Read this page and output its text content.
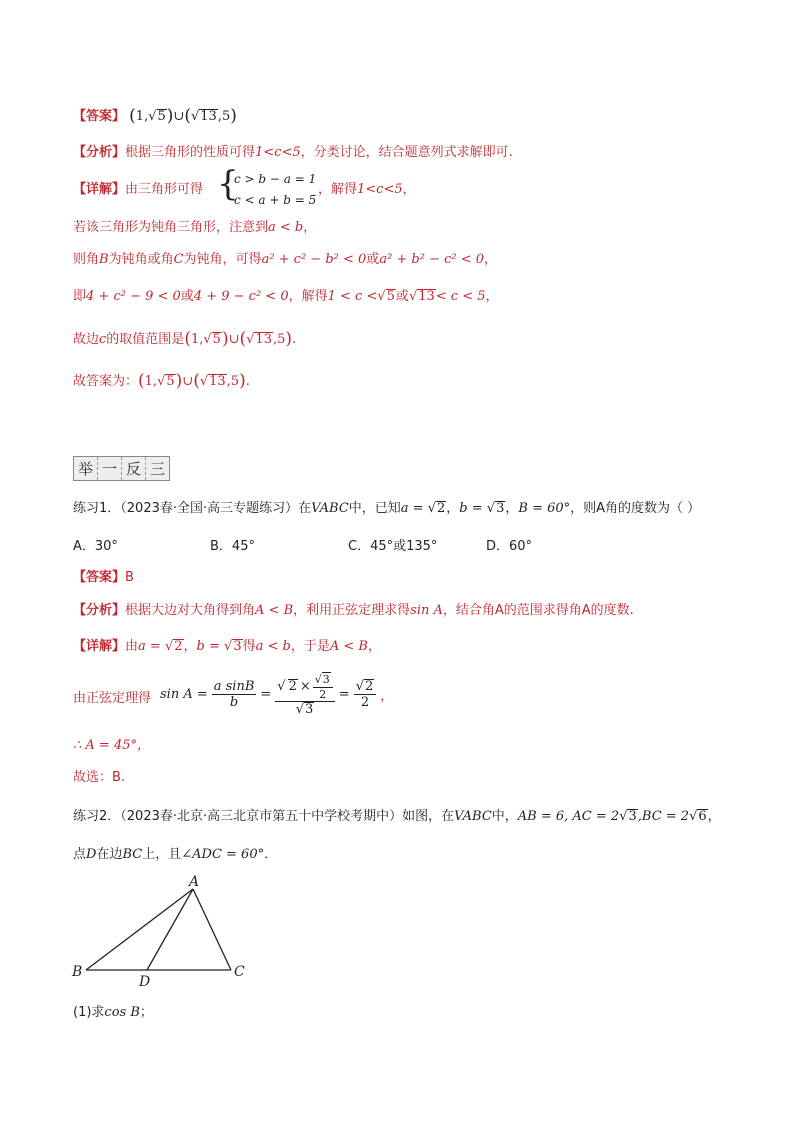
【答案】 (1,√5)∪(√13,5)
【分析】根据三角形的性质可得1<c<5，分类讨论，结合题意列式求解即可.
【详解】由三角形可得 {
c > b − a = 1
c < a + b = 5
，解得1<c<5，
若该三角形为钝角三角形，注意到a < b，
则角B为钝角或角C为钝角，可得a² + c² − b² < 0或a² + b² − c² < 0，
即4 + c² − 9 < 0或4 + 9 − c² < 0，解得1 < c <√5或√13< c < 5，
故边c的取值范围是(1,√5)∪(√13,5).
故答案为：(1,√5)∪(√13,5).
举 一 反 三
练习1．（2023春·全国·高三专题练习）在VABC中，已知a = √2，b = √3，B = 60°，则A角的度数为（ ）
A．30°	B．45°	C．45°或135°	D．60°
【答案】B
【分析】根据大边对大角得到角A < B，利用正弦定理求得sin A，结合角A的范围求得角A的度数.
【详解】由a = √2，b = √3得a < b，于是A < B，
由正弦定理得 $\sin A = \frac{\text{a sinB}}{b} = \frac{√ 2 \times \frac{√3}{2}}{√3} = \frac{√2}{2}$ ，
∴ A = 45°，
故选：B.
练习2．（2023春·北京·高三北京市第五十中学校考期中）如图，在VABC中，AB = 6, AC = 2√3,BC = 2√6，
点D在边BC上，且∠ADC = 60°．
A
B	C
D
(1)求cos B；
